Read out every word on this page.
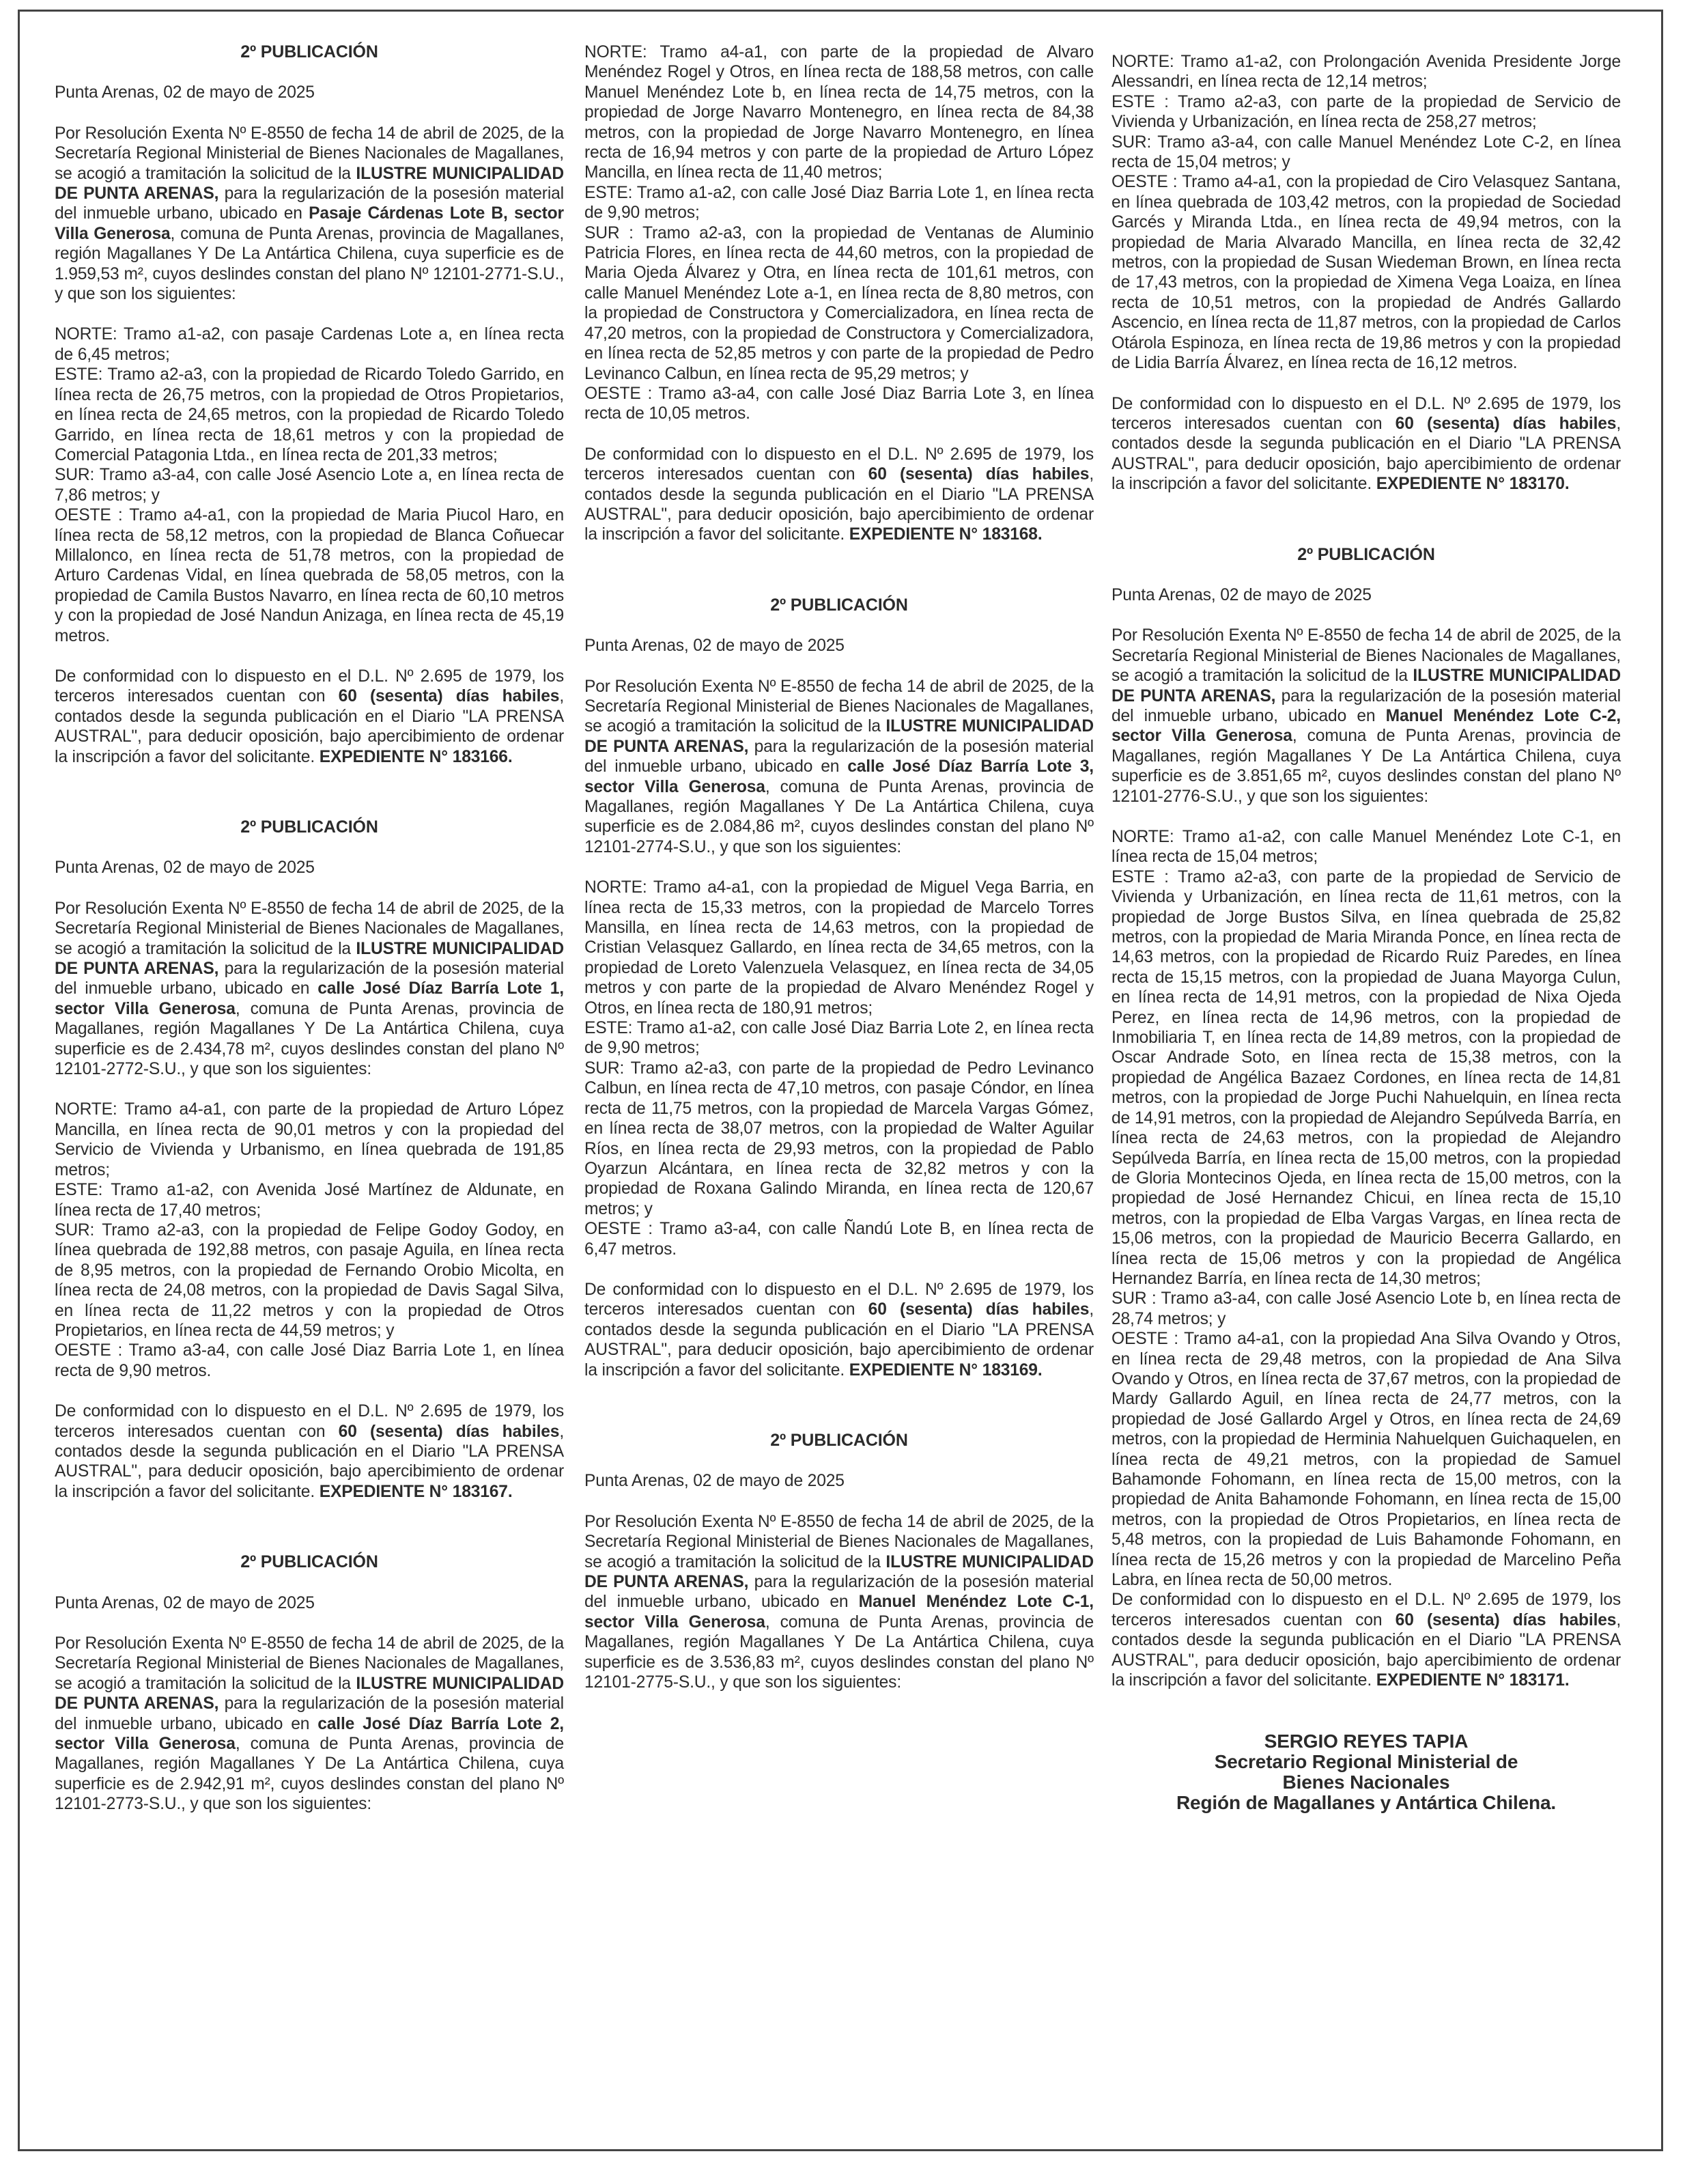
2º PUBLICACIÓN
Punta Arenas, 02 de mayo de 2025
Por Resolución Exenta Nº E-8550 de fecha 14 de abril de 2025, de la Secretaría Regional Ministerial de Bienes Nacionales de Magallanes, se acogió a tramitación la solicitud de la ILUSTRE MUNICIPALIDAD DE PUNTA ARENAS, para la regularización de la posesión material del inmueble urbano, ubicado en Pasaje Cárdenas Lote B, sector Villa Generosa, comuna de Punta Arenas, provincia de Magallanes, región Magallanes Y De La Antártica Chilena, cuya superficie es de 1.959,53 m², cuyos deslindes constan del plano Nº 12101-2771-S.U., y que son los siguientes:
NORTE: Tramo a1-a2, con pasaje Cardenas Lote a, en línea recta de 6,45 metros;
ESTE: Tramo a2-a3, con la propiedad de Ricardo Toledo Garrido, en línea recta de 26,75 metros, con la propiedad de Otros Propietarios, en línea recta de 24,65 metros, con la propiedad de Ricardo Toledo Garrido, en línea recta de 18,61 metros y con la propiedad de Comercial Patagonia Ltda., en línea recta de 201,33 metros;
SUR: Tramo a3-a4, con calle José Asencio Lote a, en línea recta de 7,86 metros; y
OESTE : Tramo a4-a1, con la propiedad de Maria Piucol Haro, en línea recta de 58,12 metros, con la propiedad de Blanca Coñuecar Millalonco, en línea recta de 51,78 metros, con la propiedad de Arturo Cardenas Vidal, en línea quebrada de 58,05 metros, con la propiedad de Camila Bustos Navarro, en línea recta de 60,10 metros y con la propiedad de José Nandun Anizaga, en línea recta de 45,19 metros.
De conformidad con lo dispuesto en el D.L. Nº 2.695 de 1979, los terceros interesados cuentan con 60 (sesenta) días habiles, contados desde la segunda publicación en el Diario "LA PRENSA AUSTRAL", para deducir oposición, bajo apercibimiento de ordenar la inscripción a favor del solicitante. EXPEDIENTE N° 183166.
2º PUBLICACIÓN
Punta Arenas, 02 de mayo de 2025
Por Resolución Exenta Nº E-8550 de fecha 14 de abril de 2025, de la Secretaría Regional Ministerial de Bienes Nacionales de Magallanes, se acogió a tramitación la solicitud de la ILUSTRE MUNICIPALIDAD DE PUNTA ARENAS, para la regularización de la posesión material del inmueble urbano, ubicado en calle José Díaz Barría Lote 1, sector Villa Generosa, comuna de Punta Arenas, provincia de Magallanes, región Magallanes Y De La Antártica Chilena, cuya superficie es de 2.434,78 m², cuyos deslindes constan del plano Nº 12101-2772-S.U., y que son los siguientes:
NORTE: Tramo a4-a1, con parte de la propiedad de Arturo López Mancilla, en línea recta de 90,01 metros y con la propiedad del Servicio de Vivienda y Urbanismo, en línea quebrada de 191,85 metros;
ESTE: Tramo a1-a2, con Avenida José Martínez de Aldunate, en línea recta de 17,40 metros;
SUR: Tramo a2-a3, con la propiedad de Felipe Godoy Godoy, en línea quebrada de 192,88 metros, con pasaje Aguila, en línea recta de 8,95 metros, con la propiedad de Fernando Orobio Micolta, en línea recta de 24,08 metros, con la propiedad de Davis Sagal Silva, en línea recta de 11,22 metros y con la propiedad de Otros Propietarios, en línea recta de 44,59 metros; y
OESTE : Tramo a3-a4, con calle José Diaz Barria Lote 1, en línea recta de 9,90 metros.
De conformidad con lo dispuesto en el D.L. Nº 2.695 de 1979, los terceros interesados cuentan con 60 (sesenta) días habiles, contados desde la segunda publicación en el Diario "LA PRENSA AUSTRAL", para deducir oposición, bajo apercibimiento de ordenar la inscripción a favor del solicitante. EXPEDIENTE N° 183167.
2º PUBLICACIÓN
Punta Arenas, 02 de mayo de 2025
Por Resolución Exenta Nº E-8550 de fecha 14 de abril de 2025, de la Secretaría Regional Ministerial de Bienes Nacionales de Magallanes, se acogió a tramitación la solicitud de la ILUSTRE MUNICIPALIDAD DE PUNTA ARENAS, para la regularización de la posesión material del inmueble urbano, ubicado en calle José Díaz Barría Lote 2, sector Villa Generosa, comuna de Punta Arenas, provincia de Magallanes, región Magallanes Y De La Antártica Chilena, cuya superficie es de 2.942,91 m², cuyos deslindes constan del plano Nº 12101-2773-S.U., y que son los siguientes:
NORTE: Tramo a4-a1, con parte de la propiedad de Alvaro Menéndez Rogel y Otros, en línea recta de 188,58 metros, con calle Manuel Menéndez Lote b, en línea recta de 14,75 metros, con la propiedad de Jorge Navarro Montenegro, en línea recta de 84,38 metros, con la propiedad de Jorge Navarro Montenegro, en línea recta de 16,94 metros y con parte de la propiedad de Arturo López Mancilla, en línea recta de 11,40 metros;
ESTE: Tramo a1-a2, con calle José Diaz Barria Lote 1, en línea recta de 9,90 metros;
SUR : Tramo a2-a3, con la propiedad de Ventanas de Aluminio Patricia Flores, en línea recta de 44,60 metros, con la propiedad de Maria Ojeda Álvarez y Otra, en línea recta de 101,61 metros, con calle Manuel Menéndez Lote a-1, en línea recta de 8,80 metros, con la propiedad de Constructora y Comercializadora, en línea recta de 47,20 metros, con la propiedad de Constructora y Comercializadora, en línea recta de 52,85 metros y con parte de la propiedad de Pedro Levinanco Calbun, en línea recta de 95,29 metros; y
OESTE : Tramo a3-a4, con calle José Diaz Barria Lote 3, en línea recta de 10,05 metros.
De conformidad con lo dispuesto en el D.L. Nº 2.695 de 1979, los terceros interesados cuentan con 60 (sesenta) días habiles, contados desde la segunda publicación en el Diario "LA PRENSA AUSTRAL", para deducir oposición, bajo apercibimiento de ordenar la inscripción a favor del solicitante. EXPEDIENTE N° 183168.
2º PUBLICACIÓN
Punta Arenas, 02 de mayo de 2025
Por Resolución Exenta Nº E-8550 de fecha 14 de abril de 2025, de la Secretaría Regional Ministerial de Bienes Nacionales de Magallanes, se acogió a tramitación la solicitud de la ILUSTRE MUNICIPALIDAD DE PUNTA ARENAS, para la regularización de la posesión material del inmueble urbano, ubicado en calle José Díaz Barría Lote 3, sector Villa Generosa, comuna de Punta Arenas, provincia de Magallanes, región Magallanes Y De La Antártica Chilena, cuya superficie es de 2.084,86 m², cuyos deslindes constan del plano Nº 12101-2774-S.U., y que son los siguientes:
NORTE: Tramo a4-a1, con la propiedad de Miguel Vega Barria, en línea recta de 15,33 metros, con la propiedad de Marcelo Torres Mansilla, en línea recta de 14,63 metros, con la propiedad de Cristian Velasquez Gallardo, en línea recta de 34,65 metros, con la propiedad de Loreto Valenzuela Velasquez, en línea recta de 34,05 metros y con parte de la propiedad de Alvaro Menéndez Rogel y Otros, en línea recta de 180,91 metros;
ESTE: Tramo a1-a2, con calle José Diaz Barria Lote 2, en línea recta de 9,90 metros;
SUR: Tramo a2-a3, con parte de la propiedad de Pedro Levinanco Calbun, en línea recta de 47,10 metros, con pasaje Cóndor, en línea recta de 11,75 metros, con la propiedad de Marcela Vargas Gómez, en línea recta de 38,07 metros, con la propiedad de Walter Aguilar Ríos, en línea recta de 29,93 metros, con la propiedad de Pablo Oyarzun Alcántara, en línea recta de 32,82 metros y con la propiedad de Roxana Galindo Miranda, en línea recta de 120,67 metros; y
OESTE : Tramo a3-a4, con calle Ñandú Lote B, en línea recta de 6,47 metros.
De conformidad con lo dispuesto en el D.L. Nº 2.695 de 1979, los terceros interesados cuentan con 60 (sesenta) días habiles, contados desde la segunda publicación en el Diario "LA PRENSA AUSTRAL", para deducir oposición, bajo apercibimiento de ordenar la inscripción a favor del solicitante. EXPEDIENTE N° 183169.
2º PUBLICACIÓN
Punta Arenas, 02 de mayo de 2025
Por Resolución Exenta Nº E-8550 de fecha 14 de abril de 2025, de la Secretaría Regional Ministerial de Bienes Nacionales de Magallanes, se acogió a tramitación la solicitud de la ILUSTRE MUNICIPALIDAD DE PUNTA ARENAS, para la regularización de la posesión material del inmueble urbano, ubicado en Manuel Menéndez Lote C-1, sector Villa Generosa, comuna de Punta Arenas, provincia de Magallanes, región Magallanes Y De La Antártica Chilena, cuya superficie es de 3.536,83 m², cuyos deslindes constan del plano Nº 12101-2775-S.U., y que son los siguientes:
NORTE: Tramo a1-a2, con Prolongación Avenida Presidente Jorge Alessandri, en línea recta de 12,14 metros;
ESTE : Tramo a2-a3, con parte de la propiedad de Servicio de Vivienda y Urbanización, en línea recta de 258,27 metros;
SUR: Tramo a3-a4, con calle Manuel Menéndez Lote C-2, en línea recta de 15,04 metros; y
OESTE : Tramo a4-a1, con la propiedad de Ciro Velasquez Santana, en línea quebrada de 103,42 metros, con la propiedad de Sociedad Garcés y Miranda Ltda., en línea recta de 49,94 metros, con la propiedad de Maria Alvarado Mancilla, en línea recta de 32,42 metros, con la propiedad de Susan Wiedeman Brown, en línea recta de 17,43 metros, con la propiedad de Ximena Vega Loaiza, en línea recta de 10,51 metros, con la propiedad de Andrés Gallardo Ascencio, en línea recta de 11,87 metros, con la propiedad de Carlos Otárola Espinoza, en línea recta de 19,86 metros y con la propiedad de Lidia Barría Álvarez, en línea recta de 16,12 metros.
De conformidad con lo dispuesto en el D.L. Nº 2.695 de 1979, los terceros interesados cuentan con 60 (sesenta) días habiles, contados desde la segunda publicación en el Diario "LA PRENSA AUSTRAL", para deducir oposición, bajo apercibimiento de ordenar la inscripción a favor del solicitante. EXPEDIENTE N° 183170.
2º PUBLICACIÓN
Punta Arenas, 02 de mayo de 2025
Por Resolución Exenta Nº E-8550 de fecha 14 de abril de 2025, de la Secretaría Regional Ministerial de Bienes Nacionales de Magallanes, se acogió a tramitación la solicitud de la ILUSTRE MUNICIPALIDAD DE PUNTA ARENAS, para la regularización de la posesión material del inmueble urbano, ubicado en Manuel Menéndez Lote C-2, sector Villa Generosa, comuna de Punta Arenas, provincia de Magallanes, región Magallanes Y De La Antártica Chilena, cuya superficie es de 3.851,65 m², cuyos deslindes constan del plano Nº 12101-2776-S.U., y que son los siguientes:
NORTE: Tramo a1-a2, con calle Manuel Menéndez Lote C-1, en línea recta de 15,04 metros;
ESTE : Tramo a2-a3, con parte de la propiedad de Servicio de Vivienda y Urbanización, en línea recta de 11,61 metros, con la propiedad de Jorge Bustos Silva, en línea quebrada de 25,82 metros, con la propiedad de Maria Miranda Ponce, en línea recta de 14,63 metros, con la propiedad de Ricardo Ruiz Paredes, en línea recta de 15,15 metros, con la propiedad de Juana Mayorga Culun, en línea recta de 14,91 metros, con la propiedad de Nixa Ojeda Perez, en línea recta de 14,96 metros, con la propiedad de Inmobiliaria T, en línea recta de 14,89 metros, con la propiedad de Oscar Andrade Soto, en línea recta de 15,38 metros, con la propiedad de Angélica Bazaez Cordones, en línea recta de 14,81 metros, con la propiedad de Jorge Puchi Nahuelquin, en línea recta de 14,91 metros, con la propiedad de Alejandro Sepúlveda Barría, en línea recta de 24,63 metros, con la propiedad de Alejandro Sepúlveda Barría, en línea recta de 15,00 metros, con la propiedad de Gloria Montecinos Ojeda, en línea recta de 15,00 metros, con la propiedad de José Hernandez Chicui, en línea recta de 15,10 metros, con la propiedad de Elba Vargas Vargas, en línea recta de 15,06 metros, con la propiedad de Mauricio Becerra Gallardo, en línea recta de 15,06 metros y con la propiedad de Angélica Hernandez Barría, en línea recta de 14,30 metros;
SUR : Tramo a3-a4, con calle José Asencio Lote b, en línea recta de 28,74 metros; y
OESTE : Tramo a4-a1, con la propiedad Ana Silva Ovando y Otros, en línea recta de 29,48 metros, con la propiedad de Ana Silva Ovando y Otros, en línea recta de 37,67 metros, con la propiedad de Mardy Gallardo Aguil, en línea recta de 24,77 metros, con la propiedad de José Gallardo Argel y Otros, en línea recta de 24,69 metros, con la propiedad de Herminia Nahuelquen Guichaquelen, en línea recta de 49,21 metros, con la propiedad de Samuel Bahamonde Fohomann, en línea recta de 15,00 metros, con la propiedad de Anita Bahamonde Fohomann, en línea recta de 15,00 metros, con la propiedad de Otros Propietarios, en línea recta de 5,48 metros, con la propiedad de Luis Bahamonde Fohomann, en línea recta de 15,26 metros y con la propiedad de Marcelino Peña Labra, en línea recta de 50,00 metros.
De conformidad con lo dispuesto en el D.L. Nº 2.695 de 1979, los terceros interesados cuentan con 60 (sesenta) días habiles, contados desde la segunda publicación en el Diario "LA PRENSA AUSTRAL", para deducir oposición, bajo apercibimiento de ordenar la inscripción a favor del solicitante. EXPEDIENTE N° 183171.
SERGIO REYES TAPIA
Secretario Regional Ministerial de
Bienes Nacionales
Región de Magallanes y Antártica Chilena.
